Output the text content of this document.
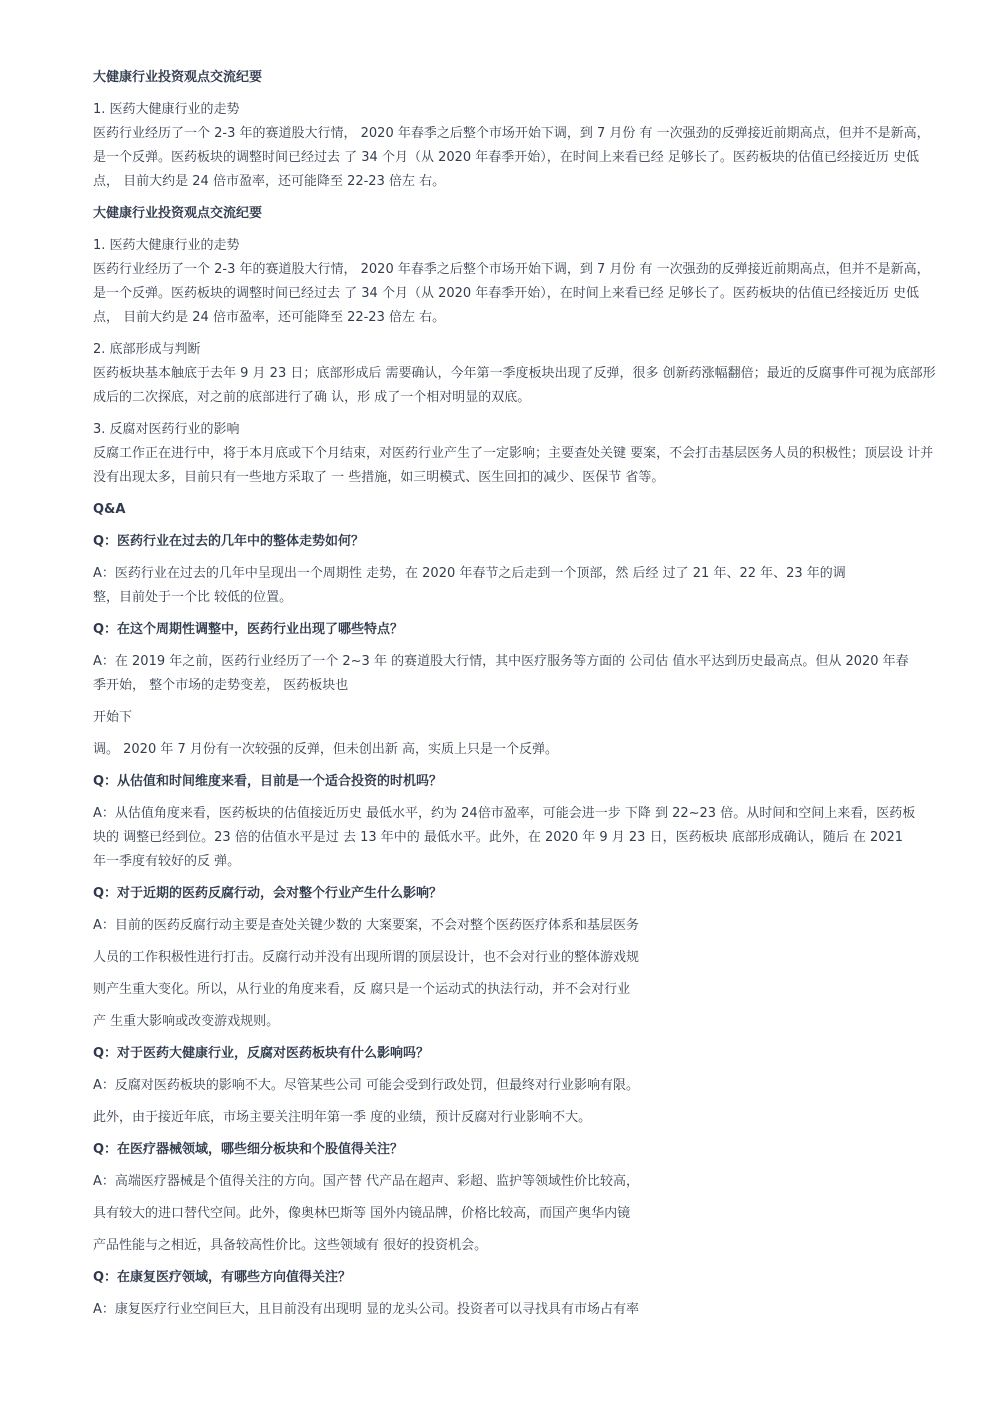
大健康行业投资观点交流纪要
1. 医药大健康行业的走势
医药行业经历了一个 2-3 年的赛道股大行情， 2020 年春季之后整个市场开始下调，到 7 月份 有 一次强劲的反弹接近前期高点，但并不是新高， 是一个反弹。医药板块的调整时间已经过去 了 34 个月（从 2020 年春季开始），在时间上来看已经 足够长了。医药板块的估值已经接近历 史低点， 目前大约是 24 倍市盈率，还可能降至 22-23 倍左 右。
大健康行业投资观点交流纪要
1. 医药大健康行业的走势
医药行业经历了一个 2-3 年的赛道股大行情， 2020 年春季之后整个市场开始下调，到 7 月份 有 一次强劲的反弹接近前期高点，但并不是新高， 是一个反弹。医药板块的调整时间已经过去 了 34 个月（从 2020 年春季开始），在时间上来看已经 足够长了。医药板块的估值已经接近历 史低点， 目前大约是 24 倍市盈率，还可能降至 22-23 倍左 右。
2. 底部形成与判断
医药板块基本触底于去年 9 月 23 日；底部形成后 需要确认，今年第一季度板块出现了反弹，很多 创新药涨幅翻倍；最近的反腐事件可视为底部形 成后的二次探底，对之前的底部进行了确 认，形 成了一个相对明显的双底。
3. 反腐对医药行业的影响
反腐工作正在进行中，将于本月底或下个月结束，对医药行业产生了一定影响；主要查处关键 要案，不会打击基层医务人员的积极性；顶层设 计并没有出现太多，目前只有一些地方采取了 一 些措施，如三明模式、医生回扣的减少、医保节 省等。
Q&A
Q：医药行业在过去的几年中的整体走势如何？
A：医药行业在过去的几年中呈现出一个周期性 走势，在 2020 年春节之后走到一个顶部，然 后经 过了 21 年、22 年、23 年的调
整，目前处于一个比 较低的位置。
Q：在这个周期性调整中，医药行业出现了哪些特点？
A：在 2019 年之前，医药行业经历了一个 2~3 年 的赛道股大行情，其中医疗服务等方面的 公司估 值水平达到历史最高点。但从 2020 年春
季开始， 整个市场的走势变差， 医药板块也
开始下
调。 2020 年 7 月份有一次较强的反弹，但未创出新 高，实质上只是一个反弹。
Q：从估值和时间维度来看，目前是一个适合投资的时机吗？
A：从估值角度来看，医药板块的估值接近历史 最低水平，约为 24倍市盈率，可能会进一步 下降 到 22~23 倍。从时间和空间上来看，医药板
块的 调整已经到位。23 倍的估值水平是过 去 13 年中的 最低水平。此外，在 2020 年 9 月 23 日，医药板块 底部形成确认，随后 在 2021
年一季度有较好的反 弹。
Q：对于近期的医药反腐行动，会对整个行业产生什么影响？
A：目前的医药反腐行动主要是查处关键少数的 大案要案，不会对整个医药医疗体系和基层医务
人员的工作积极性进行打击。反腐行动并没有出现所谓的顶层设计，也不会对行业的整体游戏规
则产生重大变化。所以，从行业的角度来看，反 腐只是一个运动式的执法行动，并不会对行业
产 生重大影响或改变游戏规则。
Q：对于医药大健康行业，反腐对医药板块有什么影响吗？
A：反腐对医药板块的影响不大。尽管某些公司 可能会受到行政处罚，但最终对行业影响有限。
此外，由于接近年底，市场主要关注明年第一季 度的业绩，预计反腐对行业影响不大。
Q：在医疗器械领域，哪些细分板块和个股值得关注？
A：高端医疗器械是个值得关注的方向。国产替 代产品在超声、彩超、监护等领域性价比较高，
具有较大的进口替代空间。此外，像奥林巴斯等 国外内镜品牌，价格比较高，而国产奥华内镜
产品性能与之相近，具备较高性价比。这些领域有 很好的投资机会。
Q：在康复医疗领域，有哪些方向值得关注？
A：康复医疗行业空间巨大，且目前没有出现明 显的龙头公司。投资者可以寻找具有市场占有率
